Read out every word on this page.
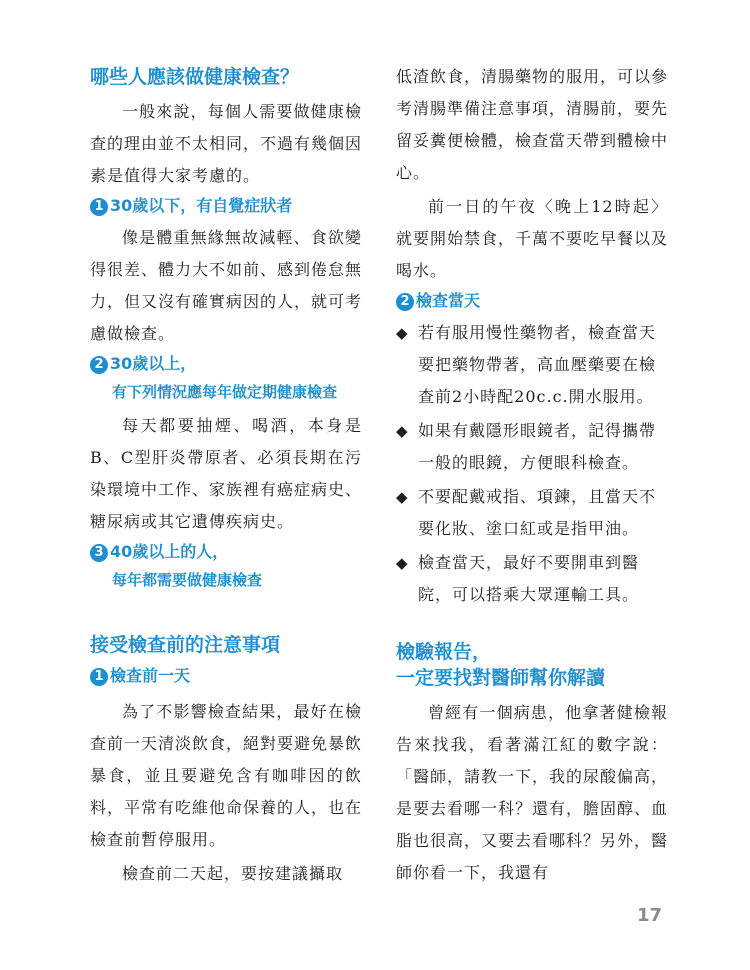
哪些人應該做健康檢查？

一般來說，每個人需要做健康檢查的理由並不太相同，不過有幾個因素是值得大家考慮的。

1 30歲以下，有自覺症狀者

像是體重無緣無故減輕、食欲變得很差、體力大不如前、感到倦怠無力，但又沒有確實病因的人，就可考慮做檢查。

2 30歲以上，
有下列情況應每年做定期健康檢查

每天都要抽煙、喝酒，本身是B、C型肝炎帶原者、必須長期在污染環境中工作、家族裡有癌症病史、糖尿病或其它遺傳疾病史。

3 40歲以上的人，
每年都需要做健康檢查
接受檢查前的注意事項
1 檢查前一天

為了不影響檢查結果，最好在檢查前一天清淡飲食，絕對要避免暴飲暴食，並且要避免含有咖啡因的飲料，平常有吃維他命保養的人，也在檢查前暫停服用。

檢查前二天起，要按建議攝取

低渣飲食，清腸藥物的服用，可以參考清腸準備注意事項，清腸前，要先留妥糞便檢體，檢查當天帶到體檢中心。

前一日的午夜〈晚上12時起〉就要開始禁食，千萬不要吃早餐以及喝水。

2 檢查當天
◆ 若有服用慢性藥物者，檢查當天要把藥物帶著，高血壓藥要在檢查前2小時配20c.c.開水服用。
◆ 如果有戴隱形眼鏡者，記得攜帶一般的眼鏡，方便眼科檢查。
◆ 不要配戴戒指、項鍊，且當天不要化妝、塗口紅或是指甲油。
◆ 檢查當天，最好不要開車到醫院，可以搭乘大眾運輸工具。
檢驗報告，
一定要找對醫師幫你解讀

曾經有一個病患，他拿著健檢報告來找我，看著滿江紅的數字說：「醫師，請教一下，我的尿酸偏高，是要去看哪一科？還有，膽固醇、血脂也很高，又要去看哪科？另外，醫師你看一下，我還有

17
